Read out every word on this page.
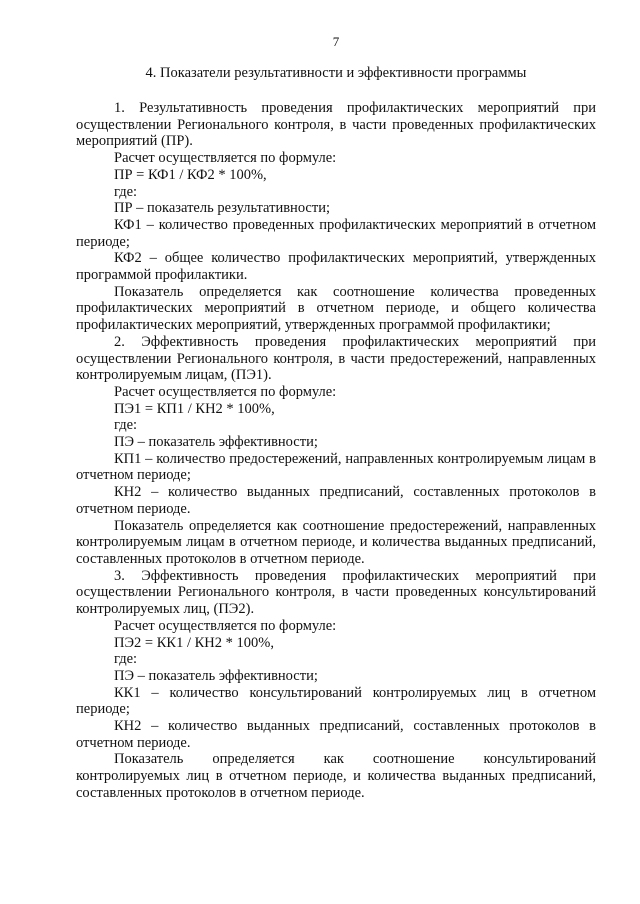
7
4. Показатели результативности и эффективности программы

1. Результативность проведения профилактических мероприятий при осуществлении Регионального контроля, в части проведенных профилактических мероприятий (ПР).

Расчет осуществляется по формуле:

ПР = КФ1 / КФ2 * 100%,

где:

ПР – показатель результативности;

КФ1 – количество проведенных профилактических мероприятий в отчетном периоде;

КФ2 – общее количество профилактических мероприятий, утвержденных программой профилактики.

Показатель определяется как соотношение количества проведенных профилактических мероприятий в отчетном периоде, и общего количества профилактических мероприятий, утвержденных программой профилактики;

2. Эффективность проведения профилактических мероприятий при осуществлении Регионального контроля, в части предостережений, направленных контролируемым лицам, (ПЭ1).

Расчет осуществляется по формуле:

ПЭ1 = КП1 / КН2 * 100%,

где:

ПЭ – показатель эффективности;

КП1 – количество предостережений, направленных контролируемым лицам в отчетном периоде;

КН2 – количество выданных предписаний, составленных протоколов в отчетном периоде.

Показатель определяется как соотношение предостережений, направленных контролируемым лицам в отчетном периоде, и количества выданных предписаний, составленных протоколов в отчетном периоде.

3. Эффективность проведения профилактических мероприятий при осуществлении Регионального контроля, в части проведенных консультирований контролируемых лиц, (ПЭ2).

Расчет осуществляется по формуле:

ПЭ2 = КК1 / КН2 * 100%,

где:

ПЭ – показатель эффективности;

КК1 – количество консультирований контролируемых лиц в отчетном периоде;

КН2 – количество выданных предписаний, составленных протоколов в отчетном периоде.

Показатель определяется как соотношение консультирований контролируемых лиц в отчетном периоде, и количества выданных предписаний, составленных протоколов в отчетном периоде.
